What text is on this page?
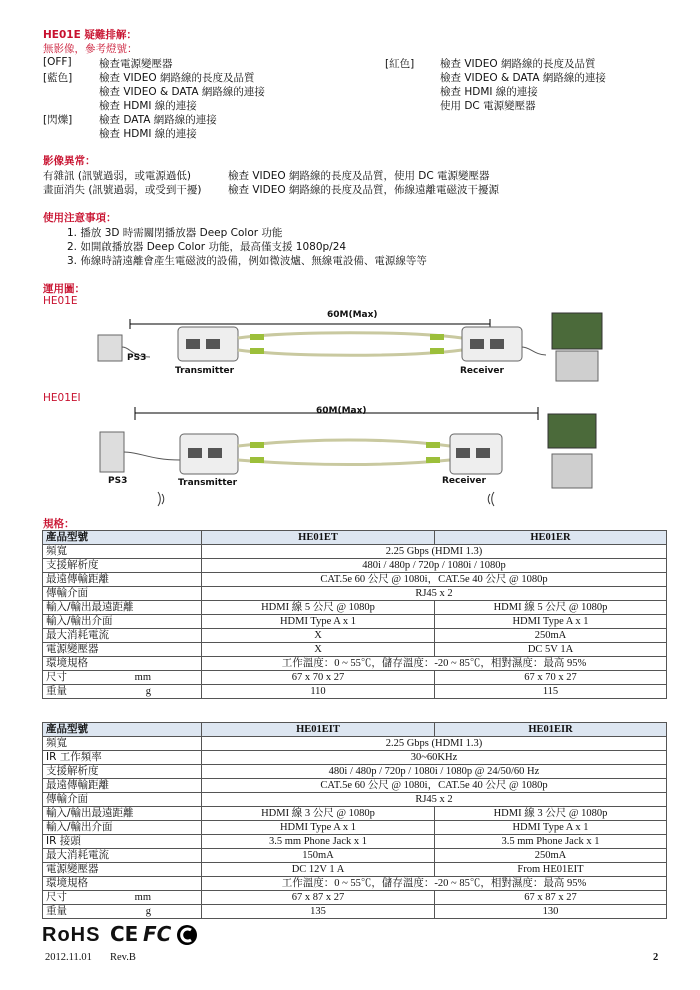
HE01E 疑難排解：
無影像，參考燈號：
[OFF]	檢查電源變壓器
[藍色]	檢查 VIDEO 網路線的長度及品質
檢查 VIDEO & DATA 網路線的連接
檢查 HDMI 線的連接
[閃爍]	檢查 DATA 網路線的連接
檢查 HDMI 線的連接
[紅色] 檢查 VIDEO 網路線的長度及品質
檢查 VIDEO & DATA 網路線的連接
檢查 HDMI 線的連接
使用 DC 電源變壓器
影像異常：
有雜訊 (訊號過弱，或電源過低)	檢查 VIDEO 網路線的長度及品質，使用 DC 電源變壓器
畫面消失 (訊號過弱，或受到干擾)	檢查 VIDEO 網路線的長度及品質，佈線遠離電磁波干擾源
使用注意事項：
1. 播放 3D 時需關閉播放器 Deep Color 功能
2. 如開啟播放器 Deep Color 功能，最高僅支援 1080p/24
3. 佈線時請遠離會產生電磁波的設備，例如微波爐、無線電設備、電源線等等
運用圖：
HE01E
60M(Max)
PS3
Transmitter	Receiver
HE01EI
60M(Max)
PS3	Transmitter	Receiver
規格：
產品型號	HE01ET	HE01ER
頻寬	2.25 Gbps (HDMI 1.3)	
支援解析度	480i / 480p / 720p / 1080i / 1080p	
最遠傳輸距離	CAT.5e 60 公尺 @ 1080i，CAT.5e 40 公尺 @ 1080p	
傳輸介面	RJ45 x 2	
輸入/輸出最遠距離	HDMI 線 5 公尺 @ 1080p	HDMI 線 5 公尺 @ 1080p
輸入/輸出介面	HDMI Type A x 1	HDMI Type A x 1
最大消耗電流	X	250mA
電源變壓器	X	DC 5V 1A
環境規格	工作溫度：0 ~ 55℃，儲存溫度：-20 ~ 85℃，相對濕度：最高 95%	
尺寸 mm	67 x 70 x 27	67 x 70 x 27
重量 g	110	115
產品型號	HE01EIT	HE01EIR
頻寬	2.25 Gbps (HDMI 1.3)	
IR 工作頻率	30~60KHz	
支援解析度	480i / 480p / 720p / 1080i / 1080p @ 24/50/60 Hz	
最遠傳輸距離	CAT.5e 60 公尺 @ 1080i，CAT.5e 40 公尺 @ 1080p	
傳輸介面	RJ45 x 2	
輸入/輸出最遠距離	HDMI 線 3 公尺 @ 1080p	HDMI 線 3 公尺 @ 1080p
輸入/輸出介面	HDMI Type A x 1	HDMI Type A x 1
IR 接頭	3.5 mm Phone Jack x 1	3.5 mm Phone Jack x 1
最大消耗電流	150mA	250mA
電源變壓器	DC 12V 1 A	From HE01EIT
環境規格	工作溫度：0 ~ 55℃，儲存溫度：-20 ~ 85℃，相對濕度：最高 95%	
尺寸 mm	67 x 87 x 27	67 x 87 x 27
重量 g	135	130
RoHS C​E FC
2012.11.01 Rev.B	2
